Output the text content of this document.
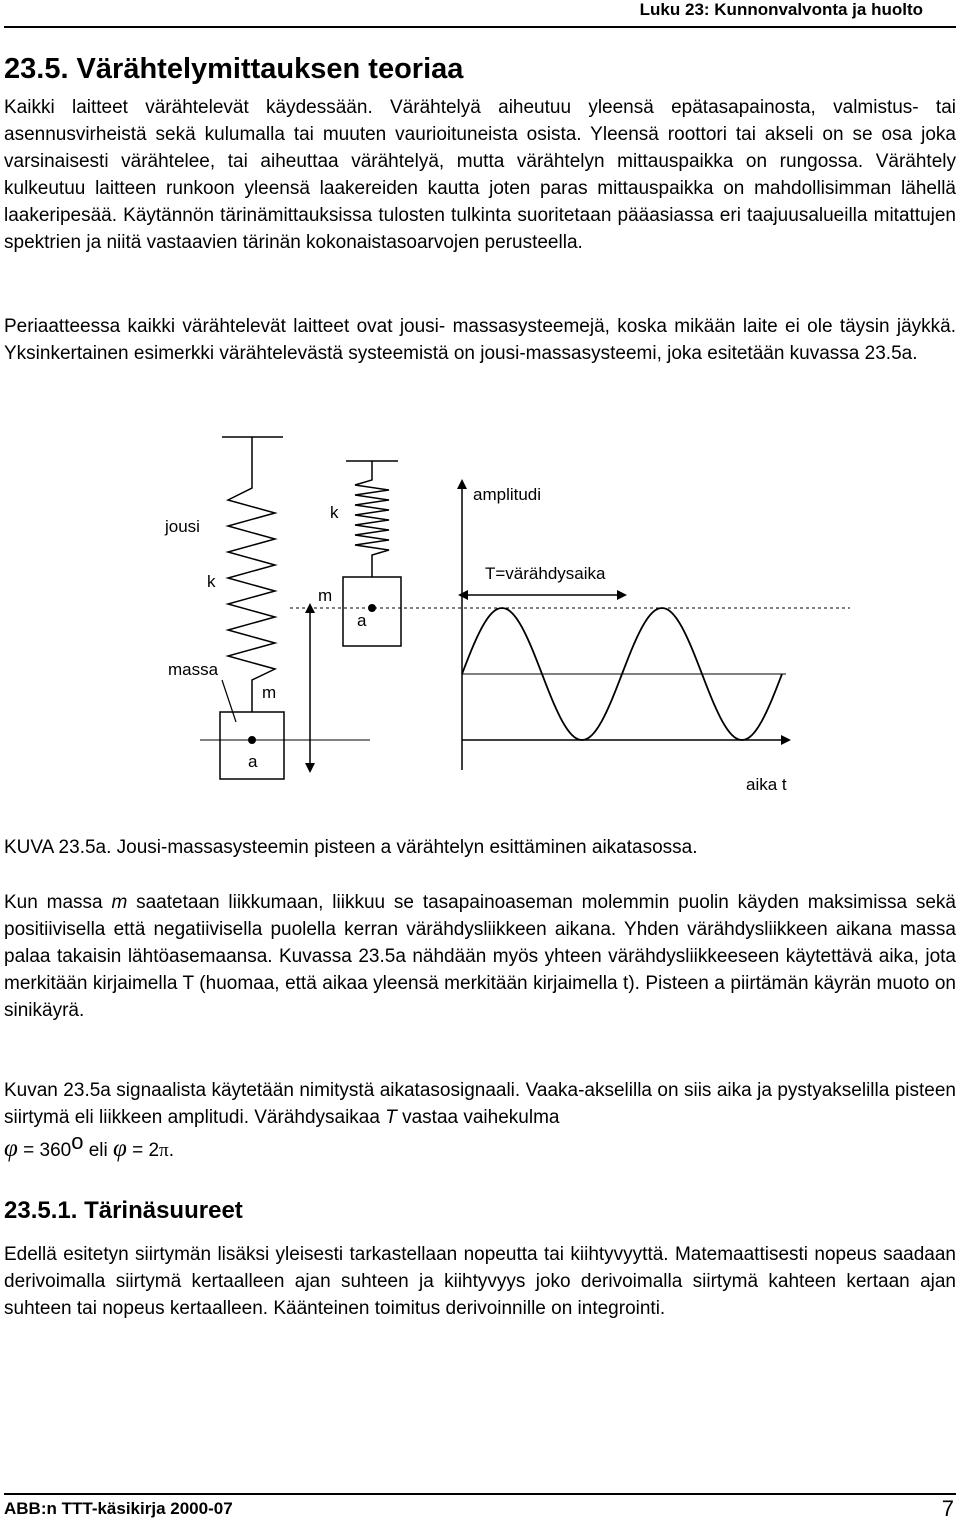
Luku 23: Kunnonvalvonta ja huolto
23.5. Värähtelymittauksen teoriaa

Kaikki laitteet värähtelevät käydessään. Värähtelyä aiheutuu yleensä epätasapainosta, valmistus- tai asennusvirheistä sekä kulumalla tai muuten vaurioituneista osista. Yleensä roottori tai akseli on se osa joka varsinaisesti värähtelee, tai aiheuttaa värähtelyä, mutta värähtelyn mittauspaikka on rungossa. Värähtely kulkeutuu laitteen runkoon yleensä laakereiden kautta joten paras mittauspaikka on mahdollisimman lähellä laakeripesää. Käytännön tärinämittauksissa tulosten tulkinta suoritetaan pääasiassa eri taajuusalueilla mitattujen spektrien ja niitä vastaavien tärinän kokonaistasoarvojen perusteella.

Periaatteessa kaikki värähtelevät laitteet ovat jousi- massasysteemejä, koska mikään laite ei ole täysin jäykkä. Yksinkertainen esimerkki värähtelevästä systeemistä on jousi-massasysteemi, joka esitetään kuvassa 23.5a.

jousi
k
massa
m
a
m
k
a
amplitudi
T=värähdysaika
aika t

KUVA 23.5a. Jousi-massasysteemin pisteen a värähtelyn esittäminen aikatasossa.

Kun massa m saatetaan liikkumaan, liikkuu se tasapainoaseman molemmin puolin käyden maksimissa sekä positiivisella että negatiivisella puolella kerran värähdysliikkeen aikana. Yhden värähdysliikkeen aikana massa palaa takaisin lähtöasemaansa. Kuvassa 23.5a nähdään myös yhteen värähdysliikkeeseen käytettävä aika, jota merkitään kirjaimella T (huomaa, että aikaa yleensä merkitään kirjaimella t). Pisteen a piirtämän käyrän muoto on sinikäyrä.

Kuvan 23.5a signaalista käytetään nimitystä aikatasosignaali. Vaaka-akselilla on siis aika ja pystyakselilla pisteen siirtymä eli liikkeen amplitudi. Värähdysaikaa T vastaa vaihekulma

$\varphi = 360^o$ eli φ = 2π.
23.5.1. Tärinäsuureet

Edellä esitetyn siirtymän lisäksi yleisesti tarkastellaan nopeutta tai kiihtyvyyttä. Matemaattisesti nopeus saadaan derivoimalla siirtymä kertaalleen ajan suhteen ja kiihtyvyys joko derivoimalla siirtymä kahteen kertaan ajan suhteen tai nopeus kertaalleen. Käänteinen toimitus derivoinnille on integrointi.

ABB:n TTT-käsikirja 2000-07	7
